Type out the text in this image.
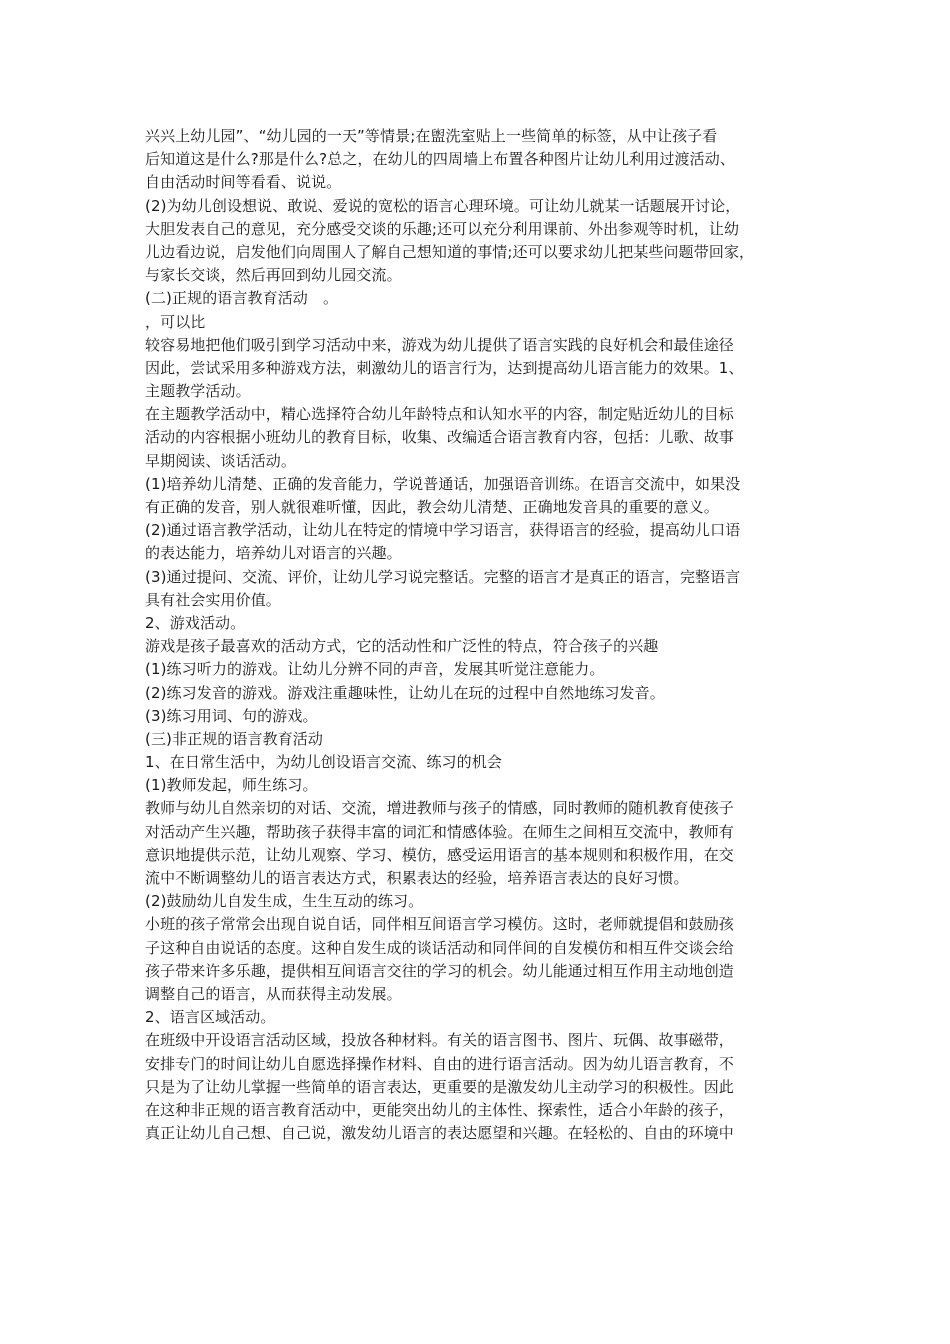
兴兴上幼儿园”、“幼儿园的一天”等情景;在盥洗室贴上一些简单的标签，从中让孩子看
后知道这是什么?那是什么?总之，在幼儿的四周墙上布置各种图片让幼儿利用过渡活动、
自由活动时间等看看、说说。
(2)为幼儿创设想说、敢说、爱说的宽松的语言心理环境。可让幼儿就某一话题展开讨论，
大胆发表自己的意见，充分感受交谈的乐趣;还可以充分利用课前、外出参观等时机，让幼
儿边看边说，启发他们向周围人了解自己想知道的事情;还可以要求幼儿把某些问题带回家，
与家长交谈，然后再回到幼儿园交流。
(二)正规的语言教育活动　。
，可以比
较容易地把他们吸引到学习活动中来，游戏为幼儿提供了语言实践的良好机会和最佳途径
因此，尝试采用多种游戏方法，刺激幼儿的语言行为，达到提高幼儿语言能力的效果。1、
主题教学活动。
在主题教学活动中，精心选择符合幼儿年龄特点和认知水平的内容，制定贴近幼儿的目标
活动的内容根据小班幼儿的教育目标，收集、改编适合语言教育内容，包括：儿歌、故事
早期阅读、谈话活动。
(1)培养幼儿清楚、正确的发音能力，学说普通话，加强语音训练。在语言交流中，如果没
有正确的发音，别人就很难听懂，因此，教会幼儿清楚、正确地发音具的重要的意义。
(2)通过语言教学活动，让幼儿在特定的情境中学习语言，获得语言的经验，提高幼儿口语
的表达能力，培养幼儿对语言的兴趣。
(3)通过提问、交流、评价，让幼儿学习说完整话。完整的语言才是真正的语言，完整语言
具有社会实用价值。
2、游戏活动。
游戏是孩子最喜欢的活动方式，它的活动性和广泛性的特点，符合孩子的兴趣
(1)练习听力的游戏。让幼儿分辨不同的声音，发展其听觉注意能力。
(2)练习发音的游戏。游戏注重趣味性，让幼儿在玩的过程中自然地练习发音。
(3)练习用词、句的游戏。
(三)非正规的语言教育活动
1、在日常生活中，为幼儿创设语言交流、练习的机会
(1)教师发起，师生练习。
教师与幼儿自然亲切的对话、交流，增进教师与孩子的情感，同时教师的随机教育使孩子
对活动产生兴趣，帮助孩子获得丰富的词汇和情感体验。在师生之间相互交流中，教师有
意识地提供示范，让幼儿观察、学习、模仿，感受运用语言的基本规则和积极作用，在交
流中不断调整幼儿的语言表达方式，积累表达的经验，培养语言表达的良好习惯。
(2)鼓励幼儿自发生成，生生互动的练习。
小班的孩子常常会出现自说自话，同伴相互间语言学习模仿。这时，老师就提倡和鼓励孩
子这种自由说话的态度。这种自发生成的谈话活动和同伴间的自发模仿和相互件交谈会给
孩子带来许多乐趣，提供相互间语言交往的学习的机会。幼儿能通过相互作用主动地创造
调整自己的语言，从而获得主动发展。
2、语言区域活动。
在班级中开设语言活动区域，投放各种材料。有关的语言图书、图片、玩偶、故事磁带，
安排专门的时间让幼儿自愿选择操作材料、自由的进行语言活动。因为幼儿语言教育，不
只是为了让幼儿掌握一些简单的语言表达，更重要的是激发幼儿主动学习的积极性。因此
在这种非正规的语言教育活动中，更能突出幼儿的主体性、探索性，适合小年龄的孩子，
真正让幼儿自己想、自己说，激发幼儿语言的表达愿望和兴趣。在轻松的、自由的环境中
